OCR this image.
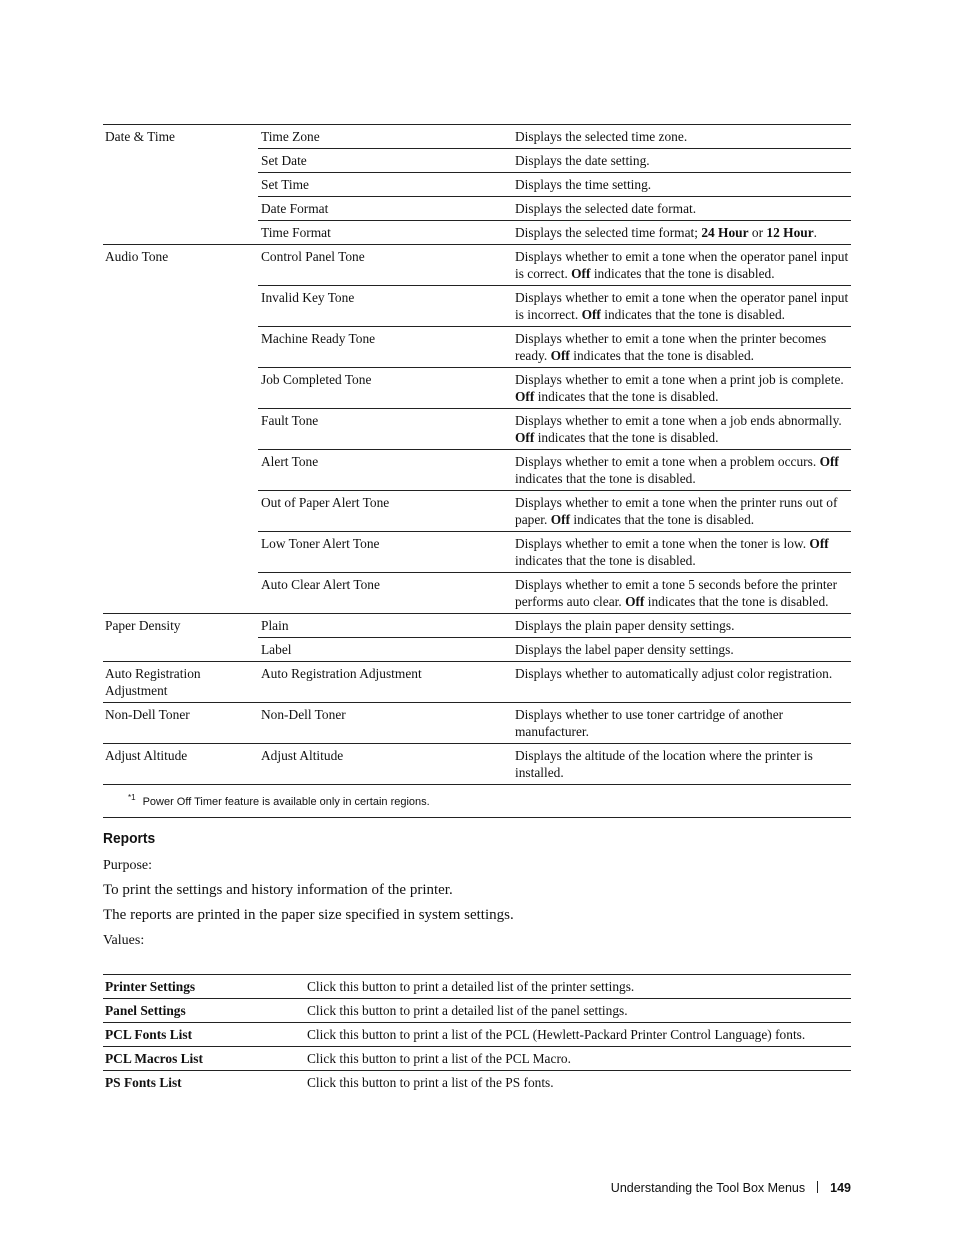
Date & Time	Time Zone	Displays the selected time zone.
	Set Date	Displays the date setting.
	Set Time	Displays the time setting.
	Date Format	Displays the selected date format.
	Time Format	Displays the selected time format; 24 Hour or 12 Hour.
Audio Tone	Control Panel Tone	Displays whether to emit a tone when the operator panel input is correct. Off indicates that the tone is disabled.
	Invalid Key Tone	Displays whether to emit a tone when the operator panel input is incorrect. Off indicates that the tone is disabled.
	Machine Ready Tone	Displays whether to emit a tone when the printer becomes ready. Off indicates that the tone is disabled.
	Job Completed Tone	Displays whether to emit a tone when a print job is complete. Off indicates that the tone is disabled.
	Fault Tone	Displays whether to emit a tone when a job ends abnormally. Off indicates that the tone is disabled.
	Alert Tone	Displays whether to emit a tone when a problem occurs. Off indicates that the tone is disabled.
	Out of Paper Alert Tone	Displays whether to emit a tone when the printer runs out of paper. Off indicates that the tone is disabled.
	Low Toner Alert Tone	Displays whether to emit a tone when the toner is low. Off indicates that the tone is disabled.
	Auto Clear Alert Tone	Displays whether to emit a tone 5 seconds before the printer performs auto clear. Off indicates that the tone is disabled.
Paper Density	Plain	Displays the plain paper density settings.
	Label	Displays the label paper density settings.
Auto Registration Adjustment	Auto Registration Adjustment	Displays whether to automatically adjust color registration.
Non-Dell Toner	Non-Dell Toner	Displays whether to use toner cartridge of another manufacturer.
Adjust Altitude	Adjust Altitude	Displays the altitude of the location where the printer is installed.
$^{*1}$ Power Off Timer feature is available only in certain regions.		
Reports

Purpose:

To print the settings and history information of the printer.

The reports are printed in the paper size specified in system settings.

Values:

Printer Settings	Click this button to print a detailed list of the printer settings.
Panel Settings	Click this button to print a detailed list of the panel settings.
PCL Fonts List	Click this button to print a list of the PCL (Hewlett-Packard Printer Control Language) fonts.
PCL Macros List	Click this button to print a list of the PCL Macro.
PS Fonts List	Click this button to print a list of the PS fonts.
Understanding the Tool Box Menus 149
